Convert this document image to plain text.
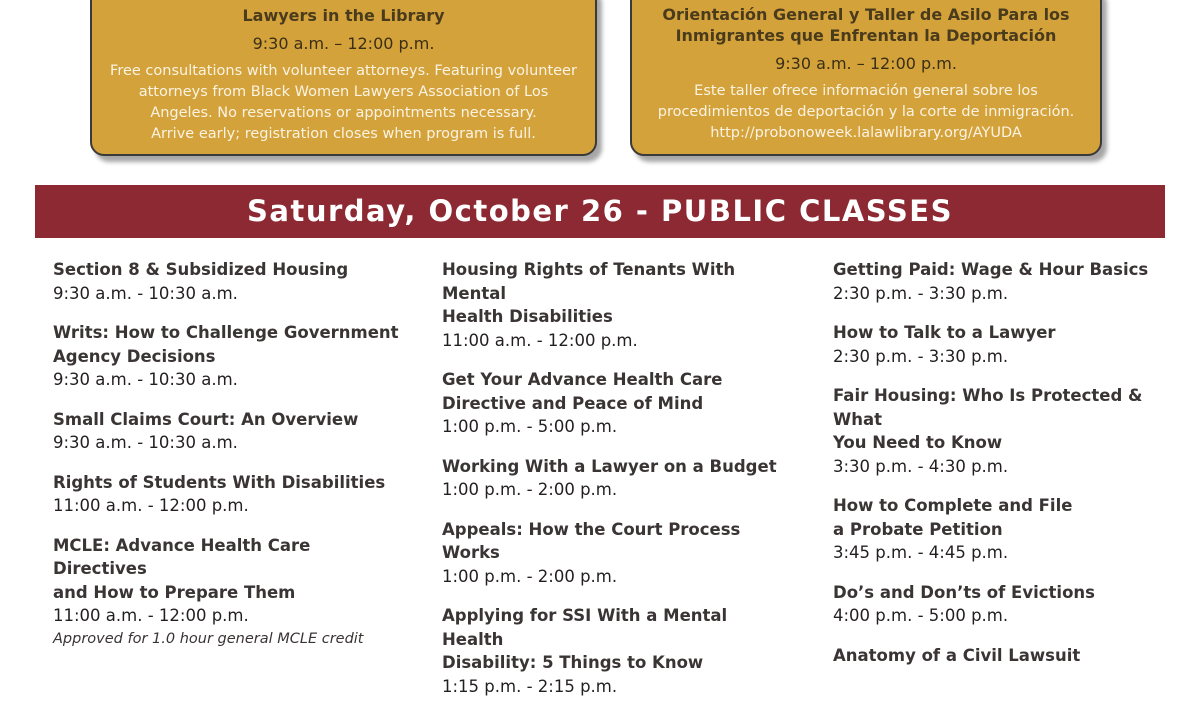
Lawyers in the Library
9:30 a.m. – 12:00 p.m.
Free consultations with volunteer attorneys. Featuring volunteer
attorneys from Black Women Lawyers Association of Los
Angeles. No reservations or appointments necessary.
Arrive early; registration closes when program is full.
Orientación General y Taller de Asilo Para los
Inmigrantes que Enfrentan la Deportación
9:30 a.m. – 12:00 p.m.
Este taller ofrece información general sobre los
procedimientos de deportación y la corte de inmigración.
http://probonoweek.lalawlibrary.org/AYUDA
Saturday, October 26 - PUBLIC CLASSES
Section 8 & Subsidized Housing
9:30 a.m. - 10:30 a.m.
Writs: How to Challenge Government
Agency Decisions
9:30 a.m. - 10:30 a.m.
Small Claims Court: An Overview
9:30 a.m. - 10:30 a.m.
Rights of Students With Disabilities
11:00 a.m. - 12:00 p.m.
MCLE: Advance Health Care Directives
and How to Prepare Them
11:00 a.m. - 12:00 p.m.
Approved for 1.0 hour general MCLE credit
Housing Rights of Tenants With Mental
Health Disabilities
11:00 a.m. - 12:00 p.m.
Get Your Advance Health Care
Directive and Peace of Mind
1:00 p.m. - 5:00 p.m.
Working With a Lawyer on a Budget
1:00 p.m. - 2:00 p.m.
Appeals: How the Court Process Works
1:00 p.m. - 2:00 p.m.
Applying for SSI With a Mental Health
Disability: 5 Things to Know
1:15 p.m. - 2:15 p.m.
Getting Paid: Wage & Hour Basics
2:30 p.m. - 3:30 p.m.
How to Talk to a Lawyer
2:30 p.m. - 3:30 p.m.
Fair Housing: Who Is Protected & What
You Need to Know
3:30 p.m. - 4:30 p.m.
How to Complete and File
a Probate Petition
3:45 p.m. - 4:45 p.m.
Do’s and Don’ts of Evictions
4:00 p.m. - 5:00 p.m.
Anatomy of a Civil Lawsuit
